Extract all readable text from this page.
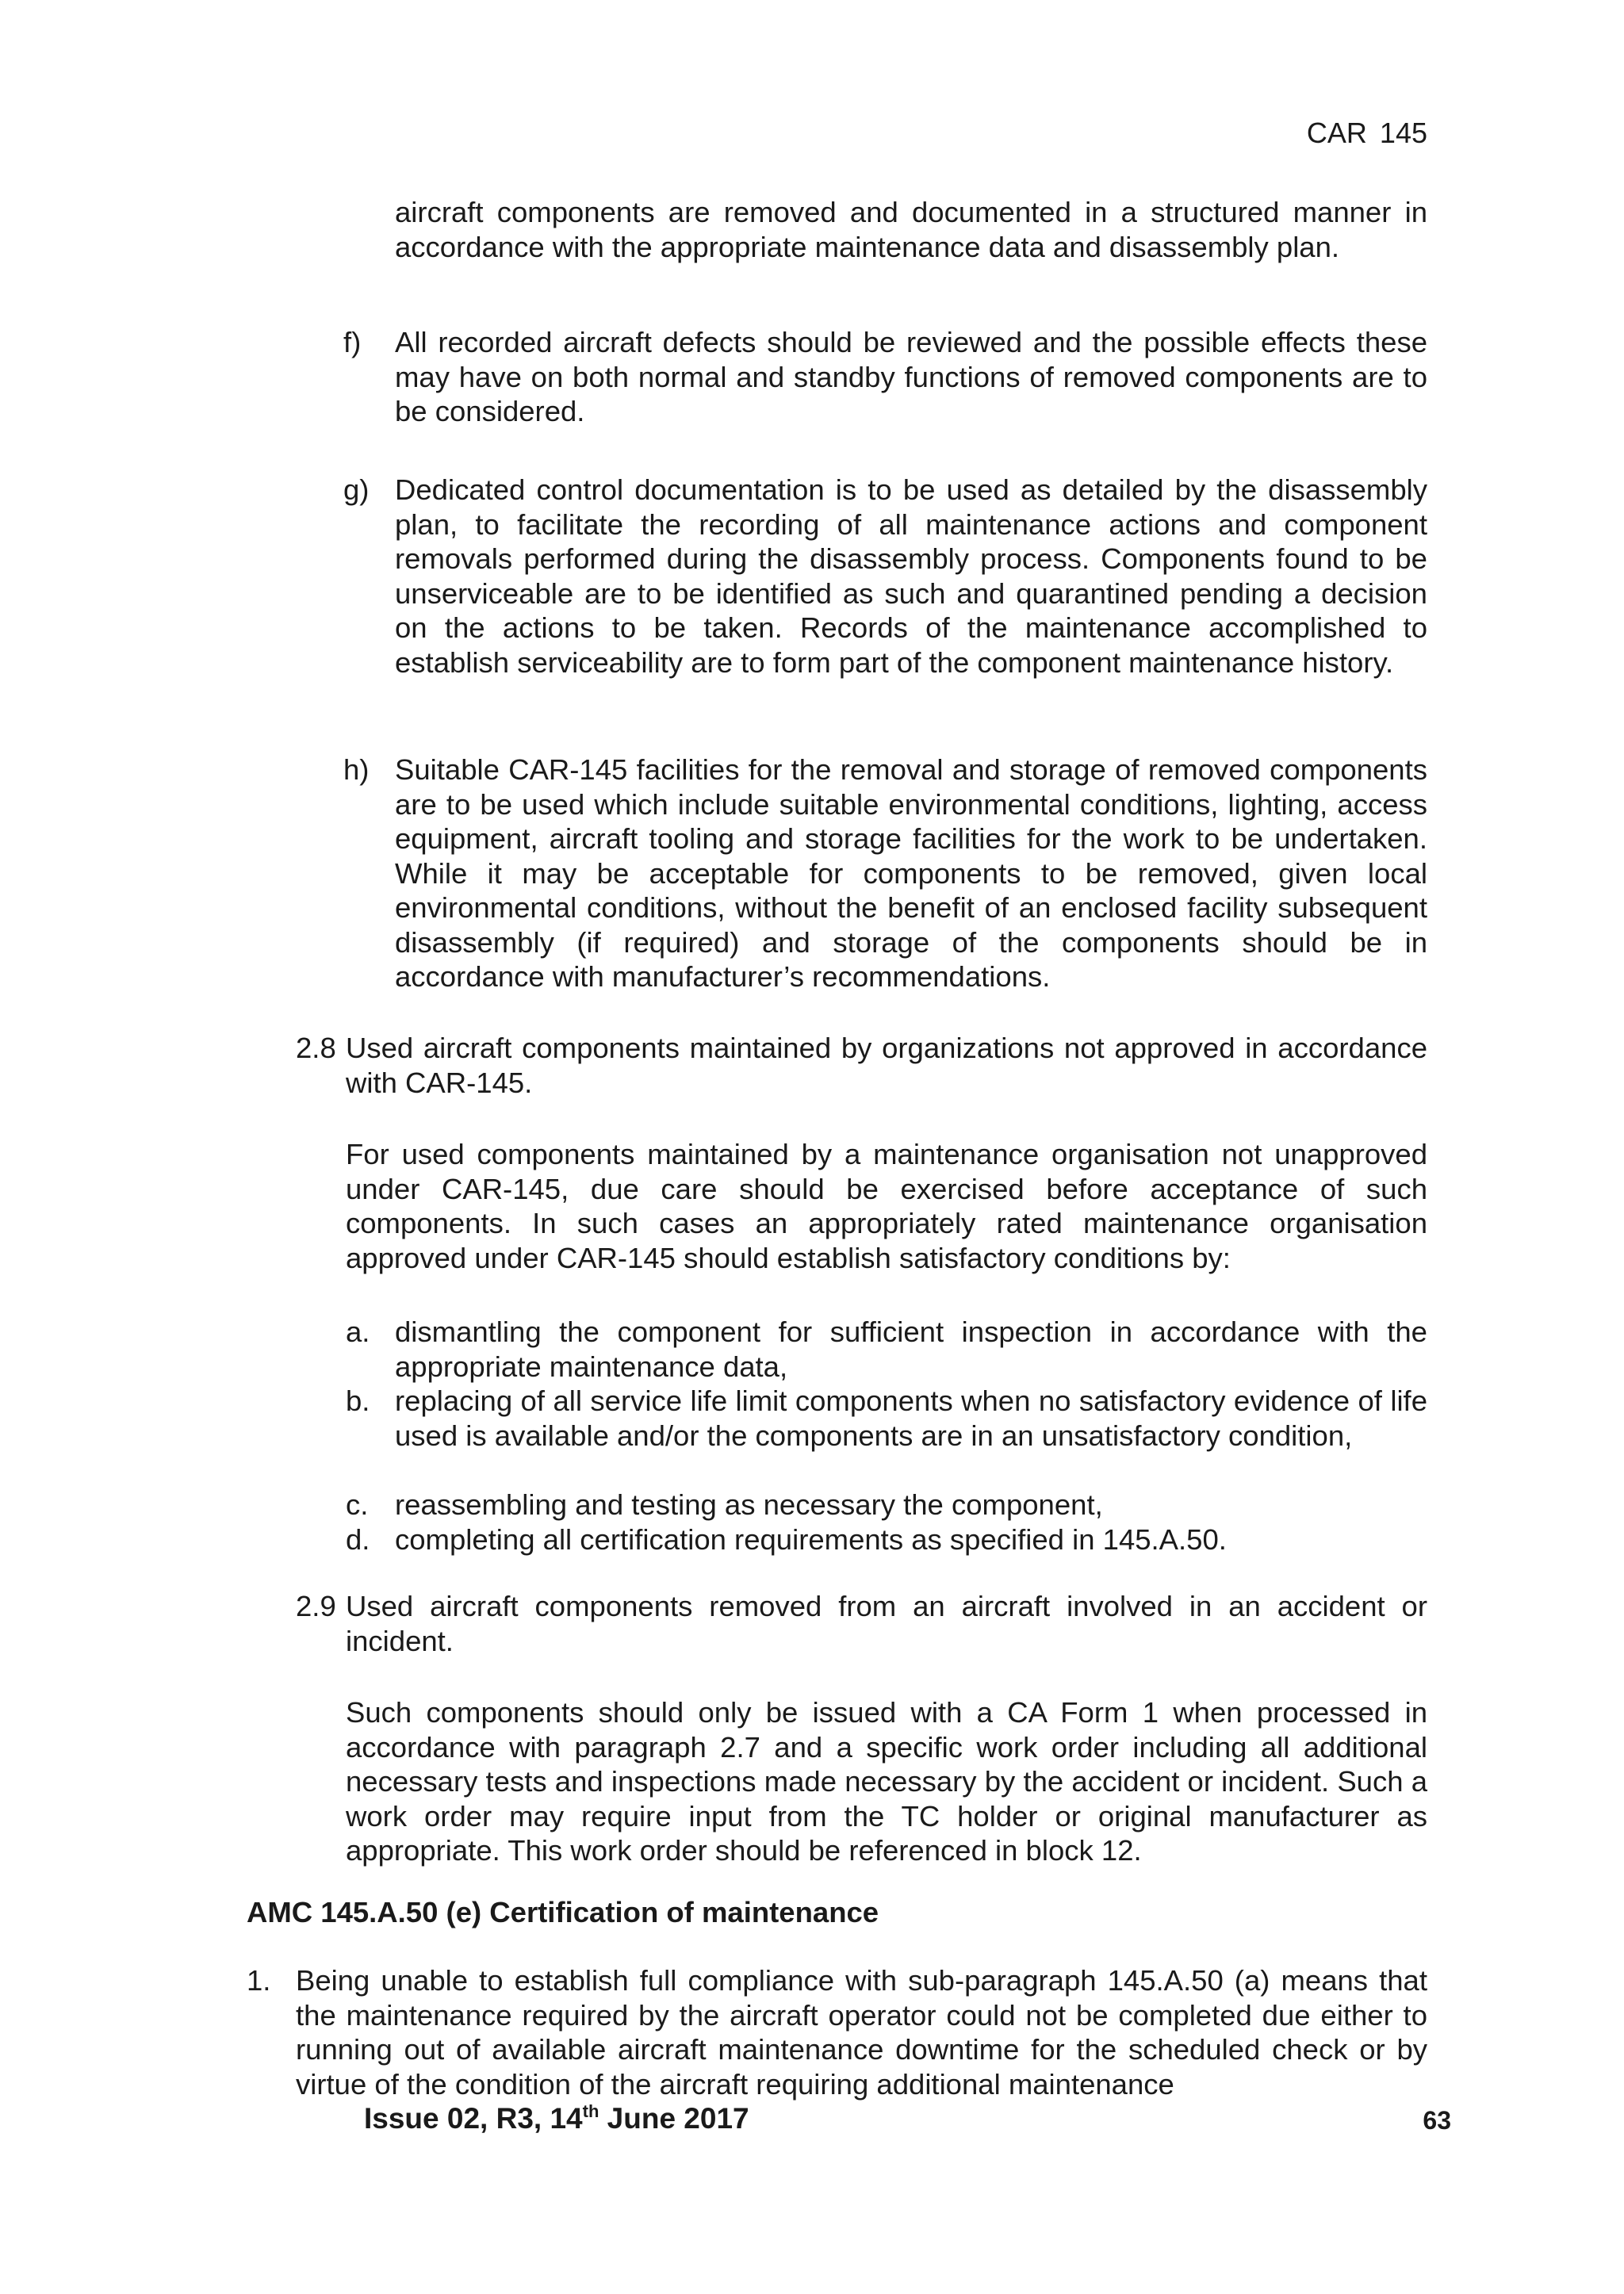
CAR 145

aircraft components are removed and documented in a structured manner in accordance with the appropriate maintenance data and disassembly plan.

f)	All recorded aircraft defects should be reviewed and the possible effects these may have on both normal and standby functions of removed components are to be considered.
g) Dedicated control documentation is to be used as detailed by the disassembly plan, to facilitate the recording of all maintenance actions and component removals performed during the disassembly process. Components found to be unserviceable are to be identified as such and quarantined pending a decision on the actions to be taken. Records of the maintenance accomplished to establish serviceability are to form part of the component maintenance history.
h) Suitable CAR-145 facilities for the removal and storage of removed components are to be used which include suitable environmental conditions, lighting, access equipment, aircraft tooling and storage facilities for the work to be undertaken. While it may be acceptable for components to be removed, given local environmental conditions, without the benefit of an enclosed facility subsequent disassembly (if required) and storage of the components should be in accordance with manufacturer’s recommendations.
2.8 Used aircraft components maintained by organizations not approved in accordance with CAR-145.

For used components maintained by a maintenance organisation not unapproved under CAR-145, due care should be exercised before acceptance of such components. In such cases an appropriately rated maintenance organisation approved under CAR-145 should establish satisfactory conditions by:

a. dismantling the component for sufficient inspection in accordance with the appropriate maintenance data,
b. replacing of all service life limit components when no satisfactory evidence of life used is available and/or the components are in an unsatisfactory condition,
c. reassembling and testing as necessary the component,
d. completing all certification requirements as specified in 145.A.50.
2.9 Used aircraft components removed from an aircraft involved in an accident or incident.

Such components should only be issued with a CA Form 1 when processed in accordance with paragraph 2.7 and a specific work order including all additional necessary tests and inspections made necessary by the accident or incident. Such a work order may require input from the TC holder or original manufacturer as appropriate. This work order should be referenced in block 12.

AMC 145.A.50 (e) Certification of maintenance

1. Being unable to establish full compliance with sub-paragraph 145.A.50 (a) means that the maintenance required by the aircraft operator could not be completed due either to running out of available aircraft maintenance downtime for the scheduled check or by virtue of the condition of the aircraft requiring additional maintenance
Issue 02, R3, 14th June 2017	63
